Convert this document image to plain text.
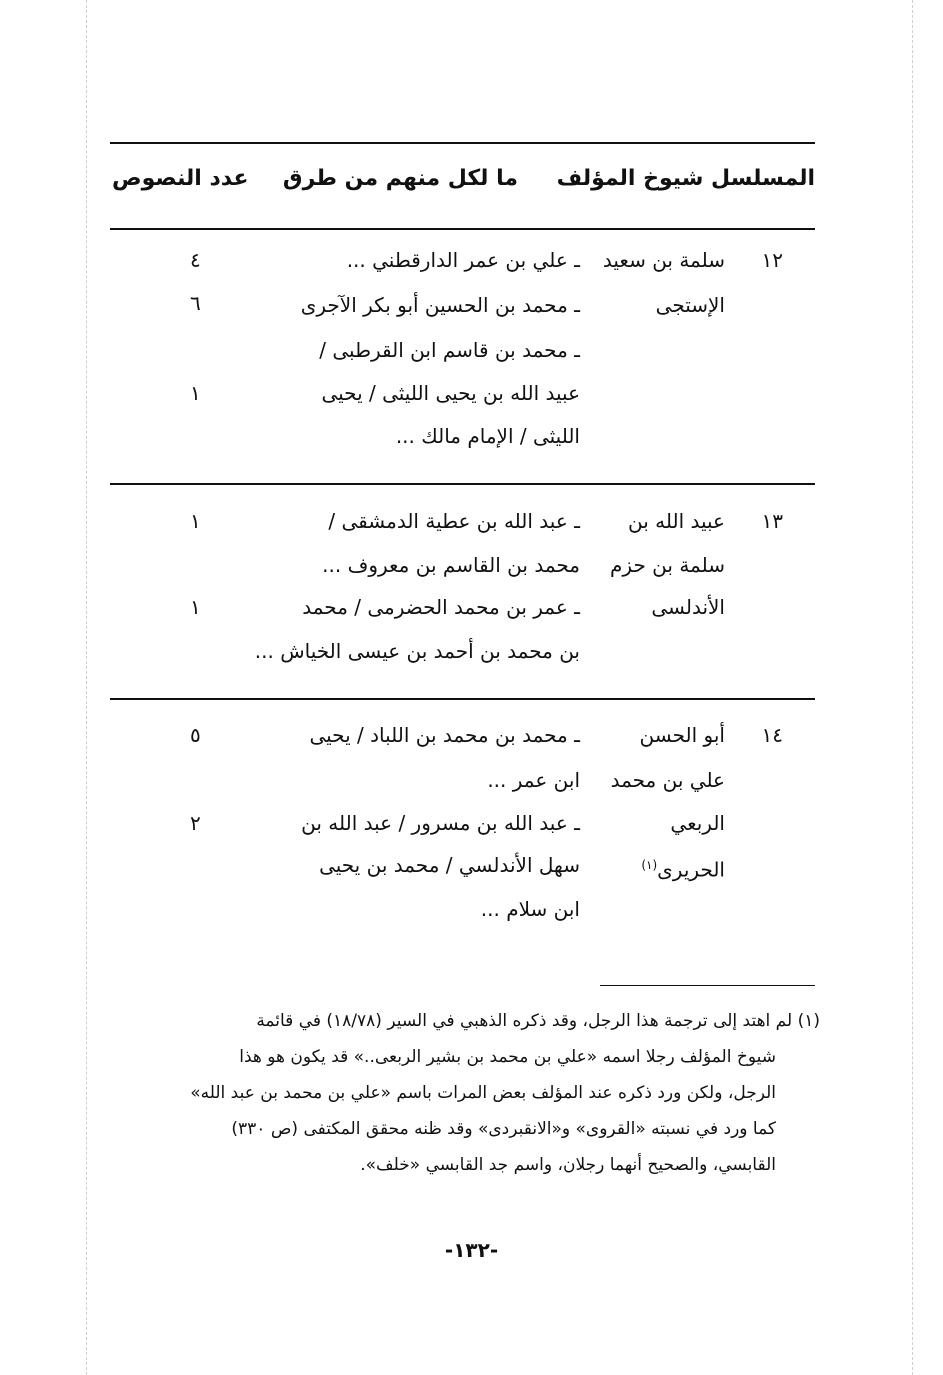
المسلسل شيوخ المؤلف
ما لكل منهم من طرق
عدد النصوص
١٢
سلمة بن سعيد
الإستجى
ـ علي بن عمر الدارقطني ...
ـ محمد بن الحسين أبو بكر الآجرى
ـ محمد بن قاسم ابن القرطبى /
عبيد الله بن يحيى الليثى / يحيى
الليثى / الإمام مالك ...
٤
٦
١
١٣
عبيد الله بن
سلمة بن حزم
الأندلسى
ـ عبد الله بن عطية الدمشقى /
محمد بن القاسم بن معروف ...
ـ عمر بن محمد الحضرمى / محمد
بن محمد بن أحمد بن عيسى الخياش ...
١
١
١٤
أبو الحسن
علي بن محمد
الربعي
الحريرى$^{(١)}$
ـ محمد بن محمد بن اللباد / يحيى
ابن عمر ...
ـ عبد الله بن مسرور / عبد الله بن
سهل الأندلسي / محمد بن يحيى
ابن سلام ...
٥
٢
(١) لم اهتد إلى ترجمة هذا الرجل، وقد ذكره الذهبي في السير (١٨/٧٨) في قائمة
شيوخ المؤلف رجلا اسمه «علي بن محمد بن بشير الربعى..» قد يكون هو هذا
الرجل، ولكن ورد ذكره عند المؤلف بعض المرات باسم «علي بن محمد بن عبد الله»
كما ورد في نسبته «القروى» و«الانقبردى» وقد ظنه محقق المكتفى (ص ٣٣٠)
القابسي، والصحيح أنهما رجلان، واسم جد القابسي «خلف».
-١٣٢-
